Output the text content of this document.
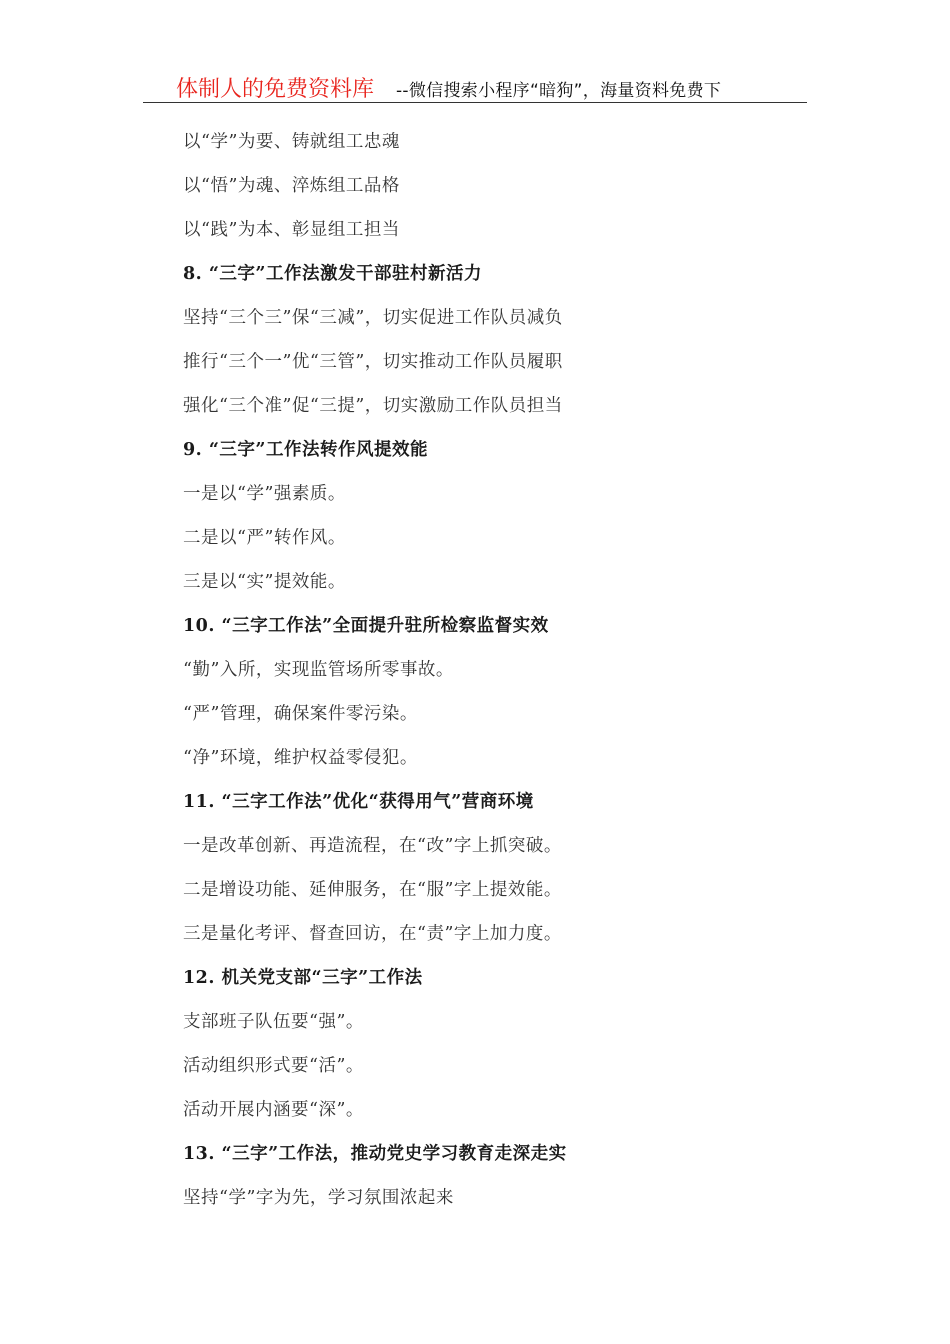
体制人的免费资料库 --微信搜索小程序“暗狗”，海量资料免费下
以“学”为要、铸就组工忠魂
以“悟”为魂、淬炼组工品格
以“践”为本、彰显组工担当
8. “三字”工作法激发干部驻村新活力
坚持“三个三”保“三减”，切实促进工作队员减负
推行“三个一”优“三管”，切实推动工作队员履职
强化“三个准”促“三提”，切实激励工作队员担当
9. “三字”工作法转作风提效能
一是以“学”强素质。
二是以“严”转作风。
三是以“实”提效能。
10. “三字工作法”全面提升驻所检察监督实效
“勤”入所，实现监管场所零事故。
“严”管理，确保案件零污染。
“净”环境，维护权益零侵犯。
11. “三字工作法”优化“获得用气”营商环境
一是改革创新、再造流程，在“改”字上抓突破。
二是增设功能、延伸服务，在“服”字上提效能。
三是量化考评、督查回访，在“责”字上加力度。
12. 机关党支部“三字”工作法
支部班子队伍要“强”。
活动组织形式要“活”。
活动开展内涵要“深”。
13. “三字”工作法，推动党史学习教育走深走实
坚持“学”字为先，学习氛围浓起来
